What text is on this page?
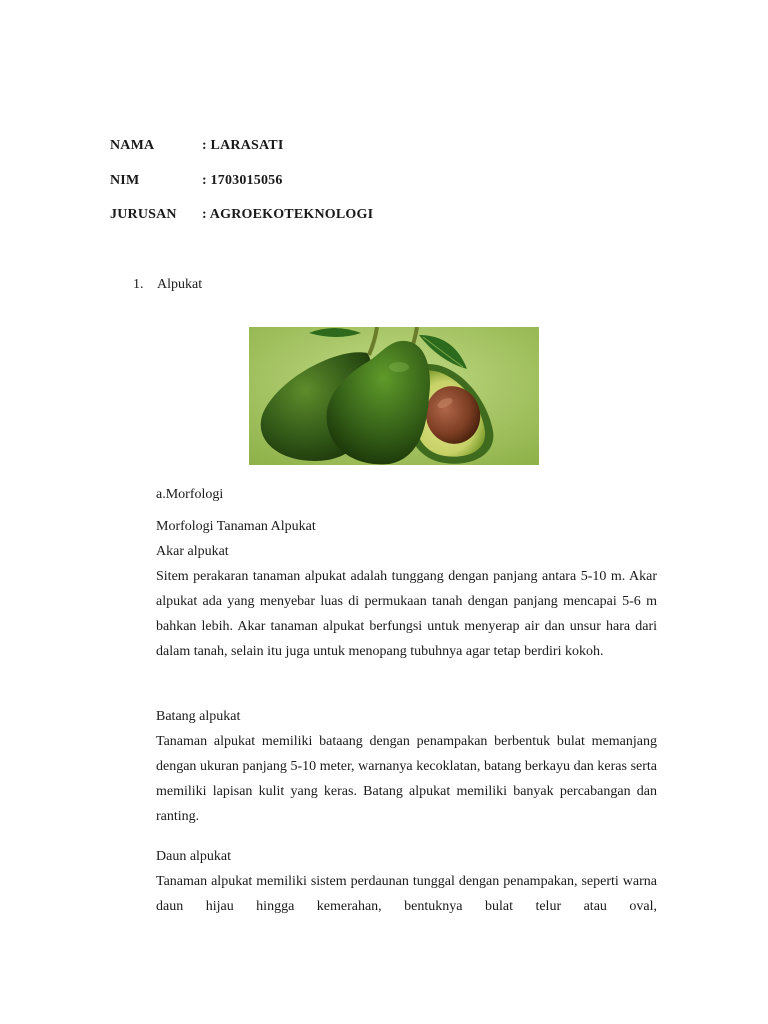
NAMA	: LARASATI
NIM	: 1703015056
JURUSAN : AGROEKOTEKNOLOGI
1. Alpukat
a.Morfologi
Morfologi Tanaman Alpukat
Akar alpukat
Sitem perakaran tanaman alpukat adalah tunggang dengan panjang antara 5-10 m. Akar alpukat ada yang menyebar luas di permukaan tanah dengan panjang mencapai 5-6 m bahkan lebih. Akar tanaman alpukat berfungsi untuk menyerap air dan unsur hara dari dalam tanah, selain itu juga untuk menopang tubuhnya agar tetap berdiri kokoh.
Batang alpukat
Tanaman alpukat memiliki bataang dengan penampakan berbentuk bulat memanjang dengan ukuran panjang 5-10 meter, warnanya kecoklatan, batang berkayu dan keras serta memiliki lapisan kulit yang keras. Batang alpukat memiliki banyak percabangan dan ranting.
Daun alpukat
Tanaman alpukat memiliki sistem perdaunan tunggal dengan penampakan, seperti warna daun hijau hingga kemerahan, bentuknya bulat telur atau oval,
